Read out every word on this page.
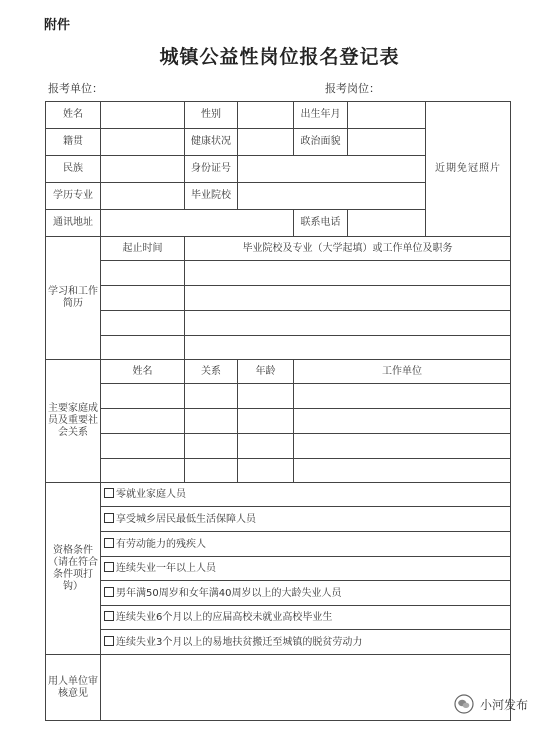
附件
城镇公益性岗位报名登记表
报考单位：	报考岗位：
姓名		性别		出生年月		近期免冠照片
籍贯		健康状况		政治面貌		
民族		身份证号				
学历专业		毕业院校				
通讯地址				联系电话		
学习和工作简历	起止时间	毕业院校及专业（大学起填）或工作单位及职务				

主要家庭成员及重要社会关系	姓名	关系	年龄	工作单位		

资格条件（请在符合条件项打钩）	零就业家庭人员					
	享受城乡居民最低生活保障人员					
	有劳动能力的残疾人					
	连续失业一年以上人员					
	男年满50周岁和女年满40周岁以上的大龄失业人员					
	连续失业6个月以上的应届高校未就业高校毕业生					
	连续失业3个月以上的易地扶贫搬迁至城镇的脱贫劳动力					
用人单位审核意见						
小河发布
